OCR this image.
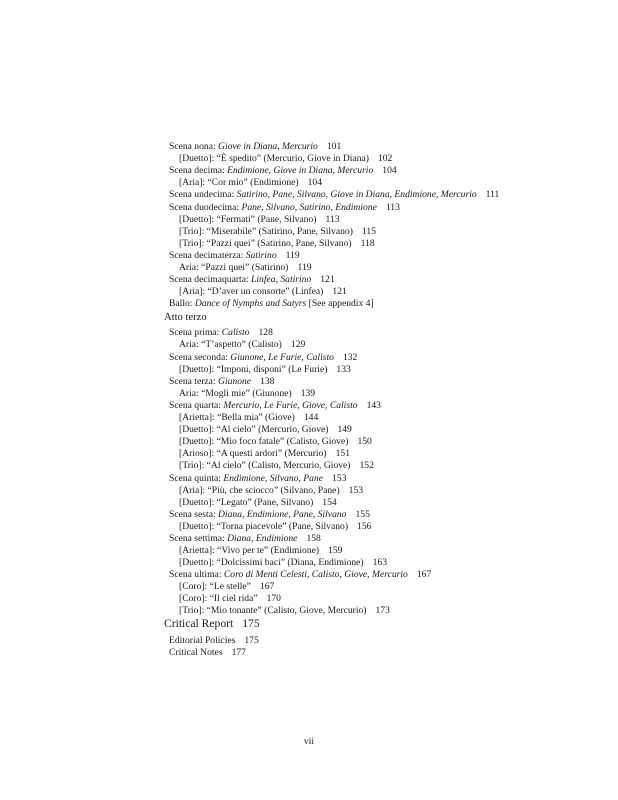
Scena nona: Giove in Diana, Mercurio 101
[Duetto]: “È spedito” (Mercurio, Giove in Diana) 102
Scena decima: Endimione, Giove in Diana, Mercurio 104
[Aria]: “Cor mio” (Endimione) 104
Scena undecima: Satirino, Pane, Silvano, Giove in Diana, Endimione, Mercurio 111
Scena duodecima: Pane, Silvano, Satirino, Endimione 113
[Duetto]: “Fermati” (Pane, Silvano) 113
[Trio]: “Miserabile” (Satirino, Pane, Silvano) 115
[Trio]: “Pazzi quei” (Satirino, Pane, Silvano) 118
Scena decimaterza: Satirino 119
Aria: “Pazzi quei” (Satirino) 119
Scena decimaquarta: Linfea, Satirino 121
[Aria]: “D’aver un consorte” (Linfea) 121
Ballo: Dance of Nymphs and Satyrs [See appendix 4]
Atto terzo
Scena prima: Calisto 128
Aria: “T’aspetto” (Calisto) 129
Scena seconda: Giunone, Le Furie, Calisto 132
[Duetto]: “Imponi, disponi” (Le Furie) 133
Scena terza: Giunone 138
Aria: “Mogli mie” (Giunone) 139
Scena quarta: Mercurio, Le Furie, Giove, Calisto 143
[Arietta]: “Bella mia” (Giove) 144
[Duetto]: “Al cielo” (Mercurio, Giove) 149
[Duetto]: “Mio foco fatale” (Calisto, Giove) 150
[Arioso]: “A questi ardori” (Mercurio) 151
[Trio]: “Al cielo” (Calisto, Mercurio, Giove) 152
Scena quinta: Endimione, Silvano, Pane 153
[Aria]: “Più, che sciocco” (Silvano, Pane) 153
[Duetto]: “Legato” (Pane, Silvano) 154
Scena sesta: Diana, Endimione, Pane, Silvano 155
[Duetto]: “Torna piacevole” (Pane, Silvano) 156
Scena settima: Diana, Endimione 158
[Arietta]: “Vivo per te” (Endimione) 159
[Duetto]: “Dolcissimi baci” (Diana, Endimione) 163
Scena ultima: Coro di Menti Celesti, Calisto, Giove, Mercurio 167
[Coro]: “Le stelle” 167
[Coro]: “Il ciel rida” 170
[Trio]: “Mio tonante” (Calisto, Giove, Mercurio) 173
Critical Report 175
Editorial Policies 175
Critical Notes 177
vii
